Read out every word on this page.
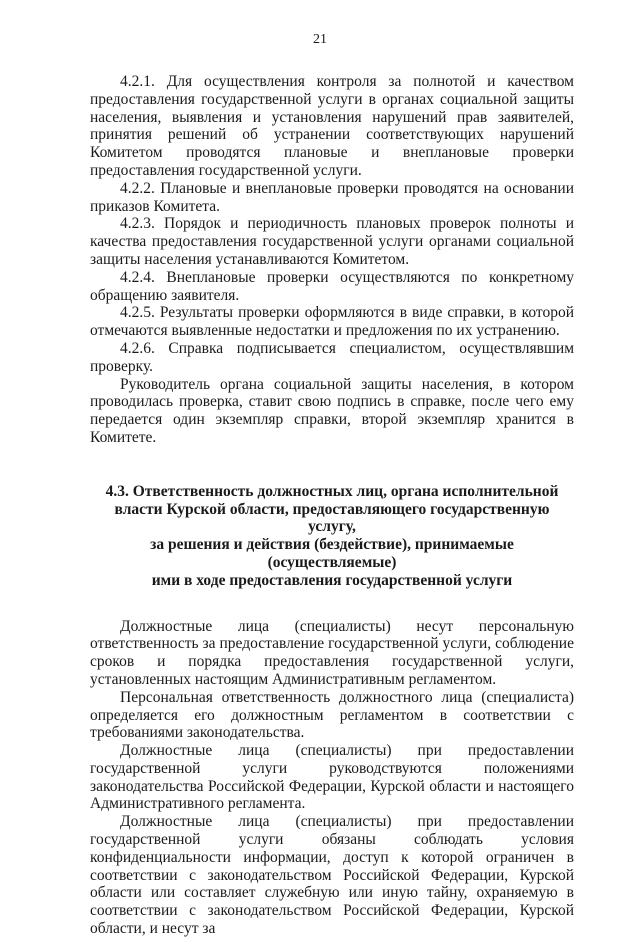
21

4.2.1. Для осуществления контроля за полнотой и качеством предоставления государственной услуги в органах социальной защиты населения, выявления и установления нарушений прав заявителей, принятия решений об устранении соответствующих нарушений Комитетом проводятся плановые и внеплановые проверки предоставления государственной услуги.

4.2.2. Плановые и внеплановые проверки проводятся на основании приказов Комитета.

4.2.3. Порядок и периодичность плановых проверок полноты и качества предоставления государственной услуги органами социальной защиты населения устанавливаются Комитетом.

4.2.4. Внеплановые проверки осуществляются по конкретному обращению заявителя.

4.2.5. Результаты проверки оформляются в виде справки, в которой отмечаются выявленные недостатки и предложения по их устранению.

4.2.6. Справка подписывается специалистом, осуществлявшим проверку.

Руководитель органа социальной защиты населения, в котором проводилась проверка, ставит свою подпись в справке, после чего ему передается один экземпляр справки, второй экземпляр хранится в Комитете.

4.3. Ответственность должностных лиц, органа исполнительной
власти Курской области, предоставляющего государственную услугу,
за решения и действия (бездействие), принимаемые (осуществляемые)
ими в ходе предоставления государственной услуги

Должностные лица (специалисты) несут персональную ответственность за предоставление государственной услуги, соблюдение сроков и порядка предоставления государственной услуги, установленных настоящим Административным регламентом.

Персональная ответственность должностного лица (специалиста) определяется его должностным регламентом в соответствии с требованиями законодательства.

Должностные лица (специалисты) при предоставлении государственной услуги руководствуются положениями законодательства Российской Федерации, Курской области и настоящего Административного регламента.

Должностные лица (специалисты) при предоставлении государственной услуги обязаны соблюдать условия конфиденциальности информации, доступ к которой ограничен в соответствии с законодательством Российской Федерации, Курской области или составляет служебную или иную тайну, охраняемую в соответствии с законодательством Российской Федерации, Курской области, и несут за
